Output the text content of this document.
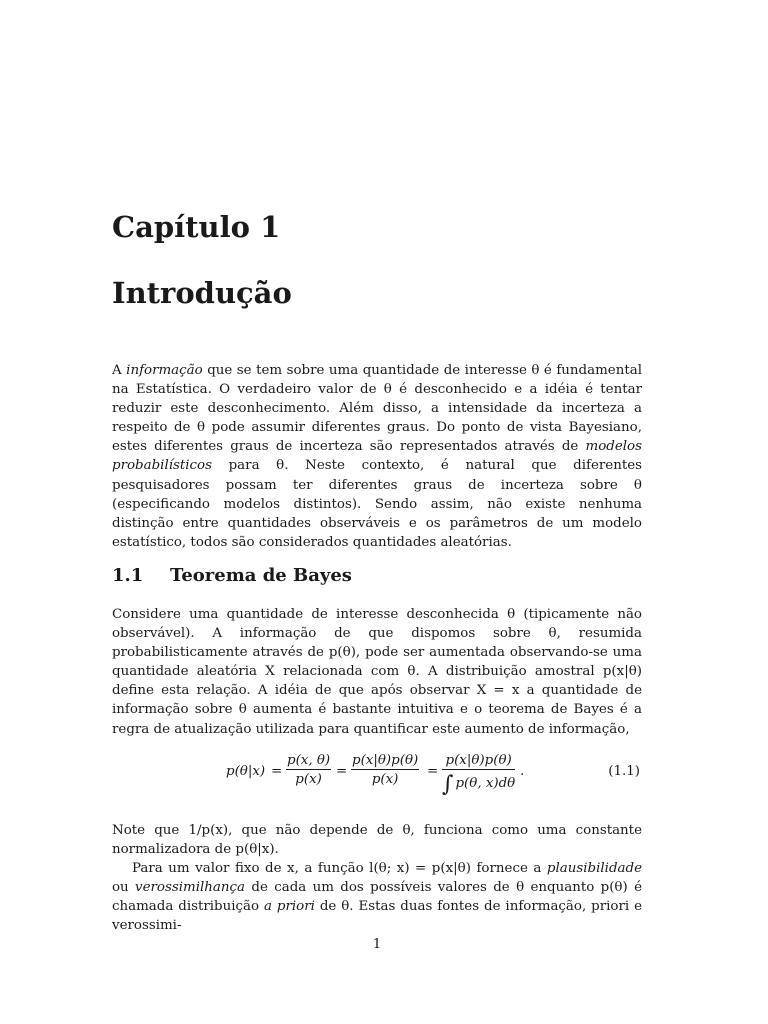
Capítulo 1
Introdução

A informação que se tem sobre uma quantidade de interesse θ é fundamental na Estatística. O verdadeiro valor de θ é desconhecido e a idéia é tentar reduzir este desconhecimento. Além disso, a intensidade da incerteza a respeito de θ pode assumir diferentes graus. Do ponto de vista Bayesiano, estes diferentes graus de incerteza são representados através de modelos probabilísticos para θ. Neste contexto, é natural que diferentes pesquisadores possam ter diferentes graus de incerteza sobre θ (especificando modelos distintos). Sendo assim, não existe nenhuma distinção entre quantidades observáveis e os parâmetros de um modelo estatístico, todos são considerados quantidades aleatórias.

1.1 Teorema de Bayes

Considere uma quantidade de interesse desconhecida θ (tipicamente não observável). A informação de que dispomos sobre θ, resumida probabilisticamente através de p(θ), pode ser aumentada observando-se uma quantidade aleatória X relacionada com θ. A distribuição amostral p(x|θ) define esta relação. A idéia de que após observar X = x a quantidade de informação sobre θ aumenta é bastante intuitiva e o teorema de Bayes é a regra de atualização utilizada para quantificar este aumento de informação,

p(θ|x) =
p(x, θ)
p(x)
=
p(x|θ)p(θ)
p(x)
=
p(x|θ)p(θ)
∫ p(θ, x)dθ
.	(1.1)

Note que 1/p(x), que não depende de θ, funciona como uma constante normalizadora de p(θ|x).

Para um valor fixo de x, a função l(θ; x) = p(x|θ) fornece a plausibilidade ou verossimilhança de cada um dos possíveis valores de θ enquanto p(θ) é chamada distribuição a priori de θ. Estas duas fontes de informação, priori e verossimi-

1
